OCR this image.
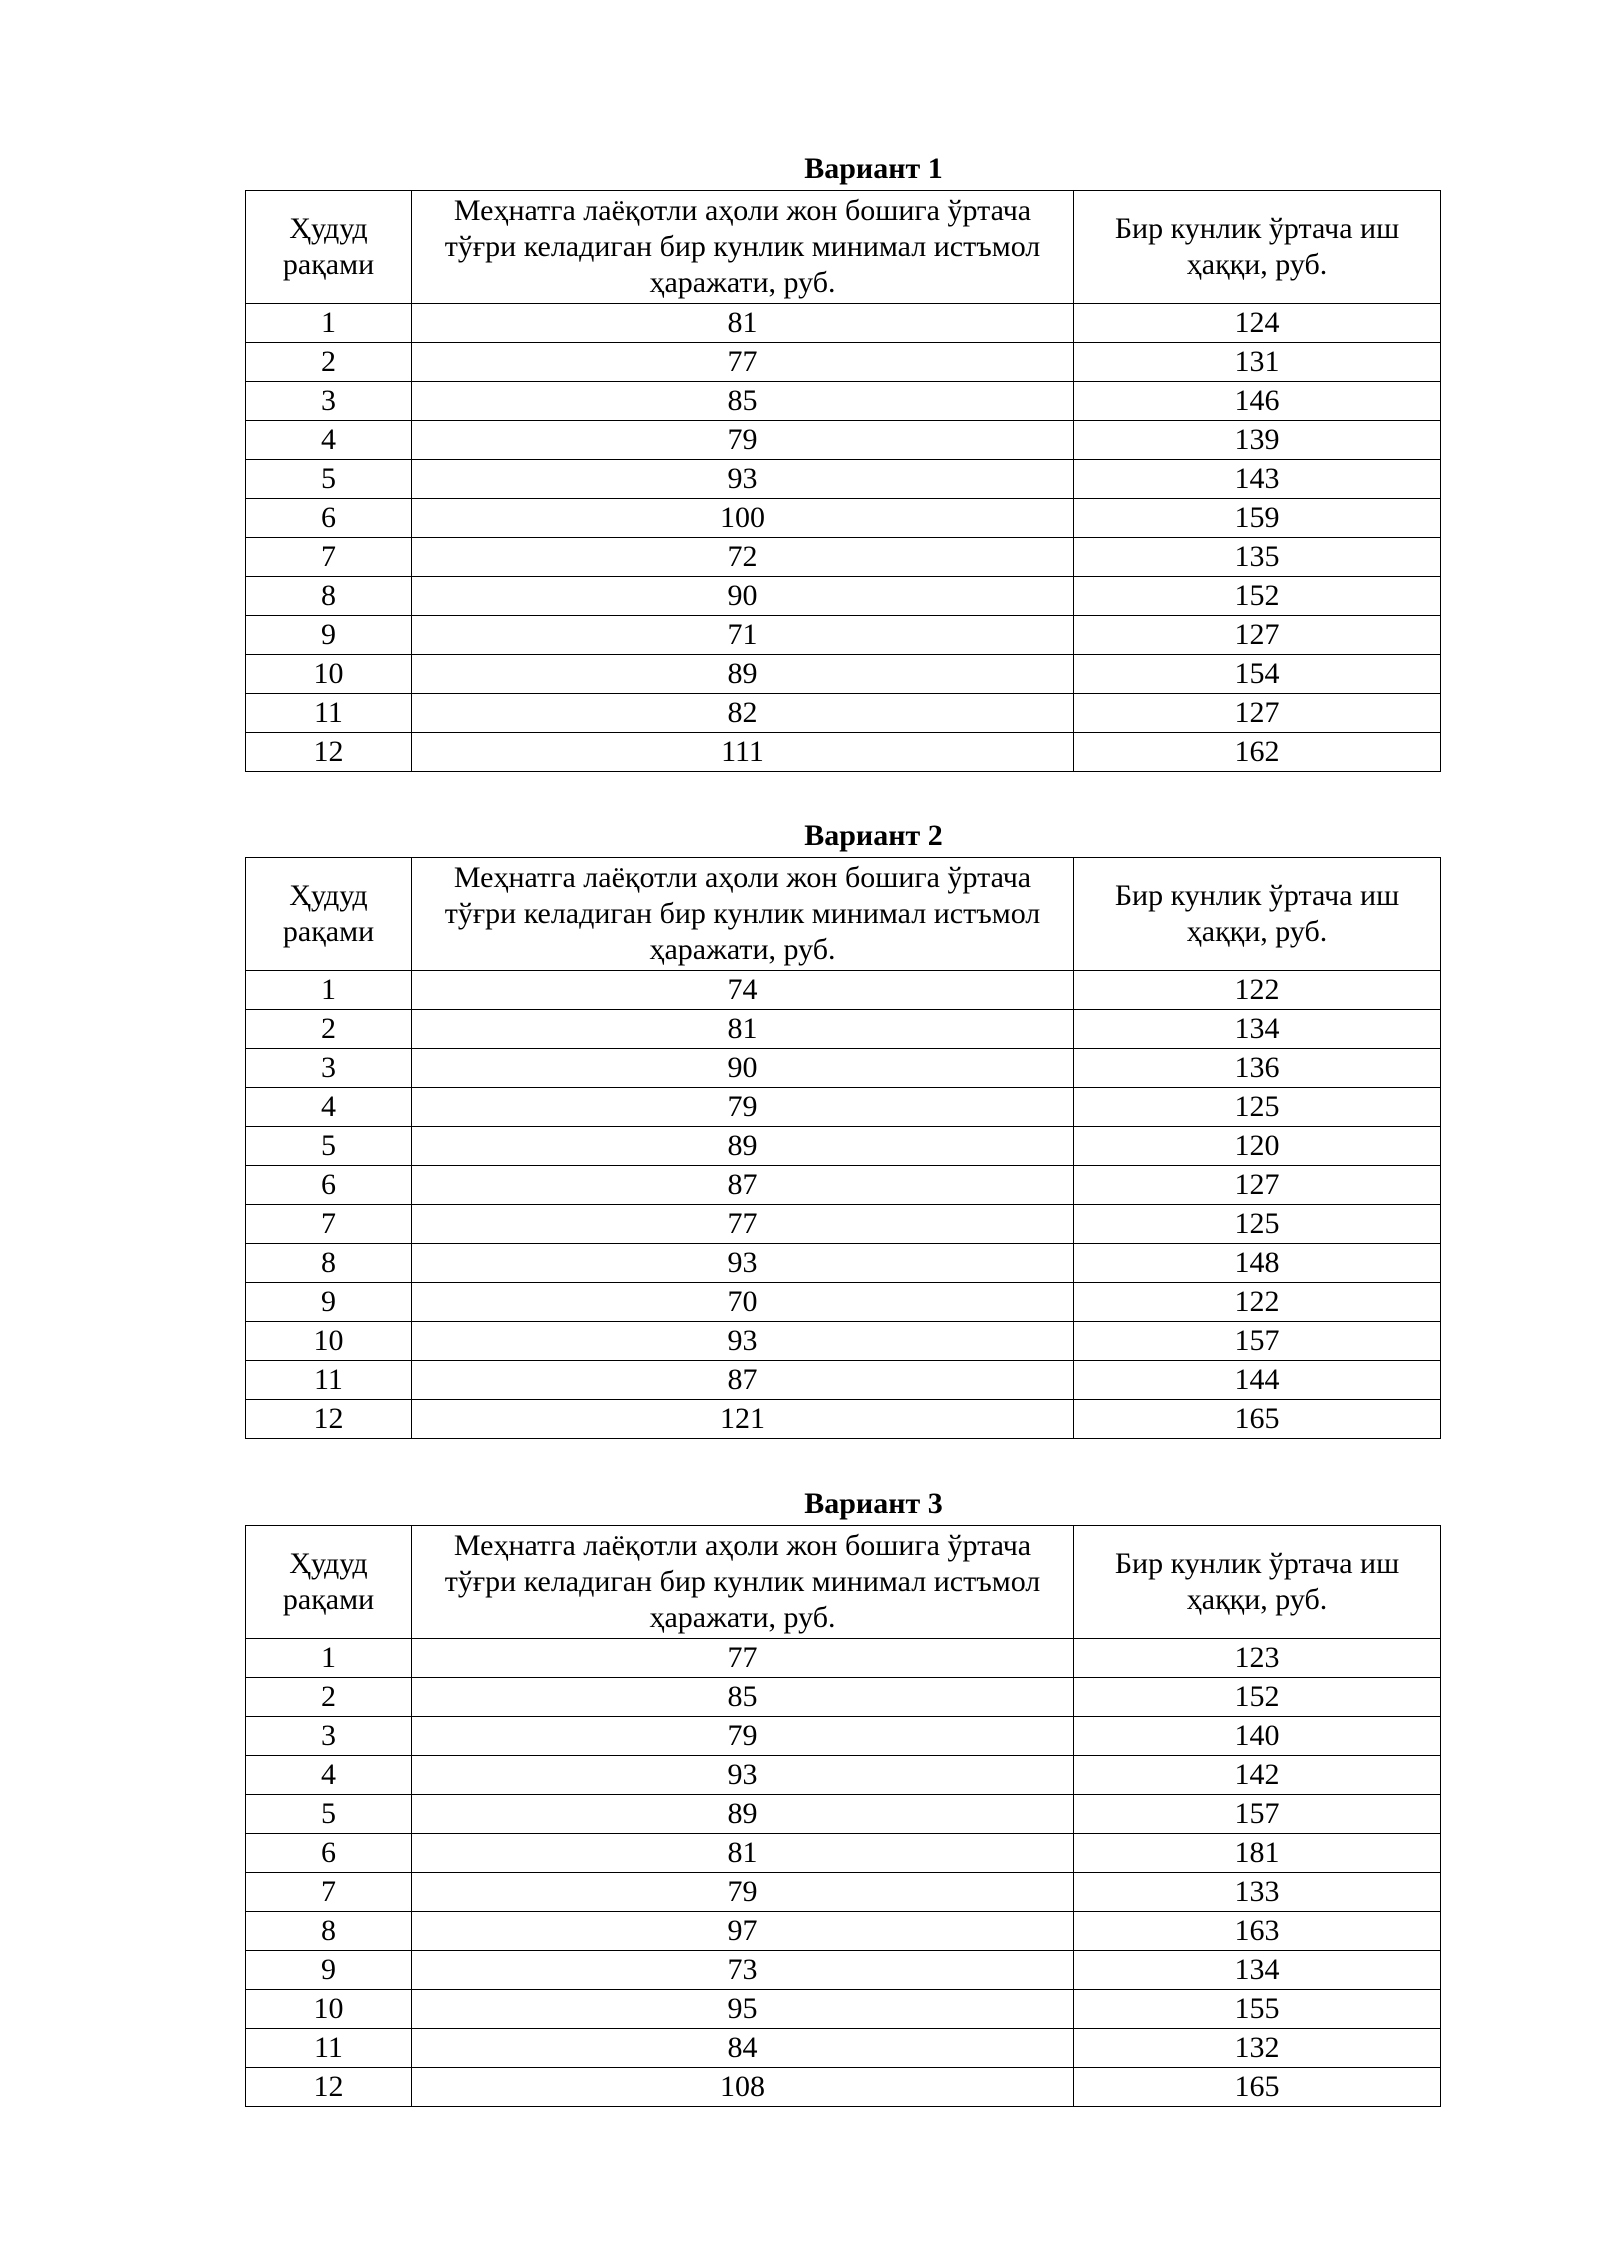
Вариант 1
Ҳудуд рақами	Меҳнатга лаёқотли аҳоли жон бошига ўртача тўғри келадиган бир кунлик минимал истъмол ҳаражати, руб.	Бир кунлик ўртача иш ҳаққи, руб.
1	81	124
2	77	131
3	85	146
4	79	139
5	93	143
6	100	159
7	72	135
8	90	152
9	71	127
10	89	154
11	82	127
12	111	162
Вариант 2
Ҳудуд рақами	Меҳнатга лаёқотли аҳоли жон бошига ўртача тўғри келадиган бир кунлик минимал истъмол ҳаражати, руб.	Бир кунлик ўртача иш ҳаққи, руб.
1	74	122
2	81	134
3	90	136
4	79	125
5	89	120
6	87	127
7	77	125
8	93	148
9	70	122
10	93	157
11	87	144
12	121	165
Вариант 3
Ҳудуд рақами	Меҳнатга лаёқотли аҳоли жон бошига ўртача тўғри келадиган бир кунлик минимал истъмол ҳаражати, руб.	Бир кунлик ўртача иш ҳаққи, руб.
1	77	123
2	85	152
3	79	140
4	93	142
5	89	157
6	81	181
7	79	133
8	97	163
9	73	134
10	95	155
11	84	132
12	108	165
